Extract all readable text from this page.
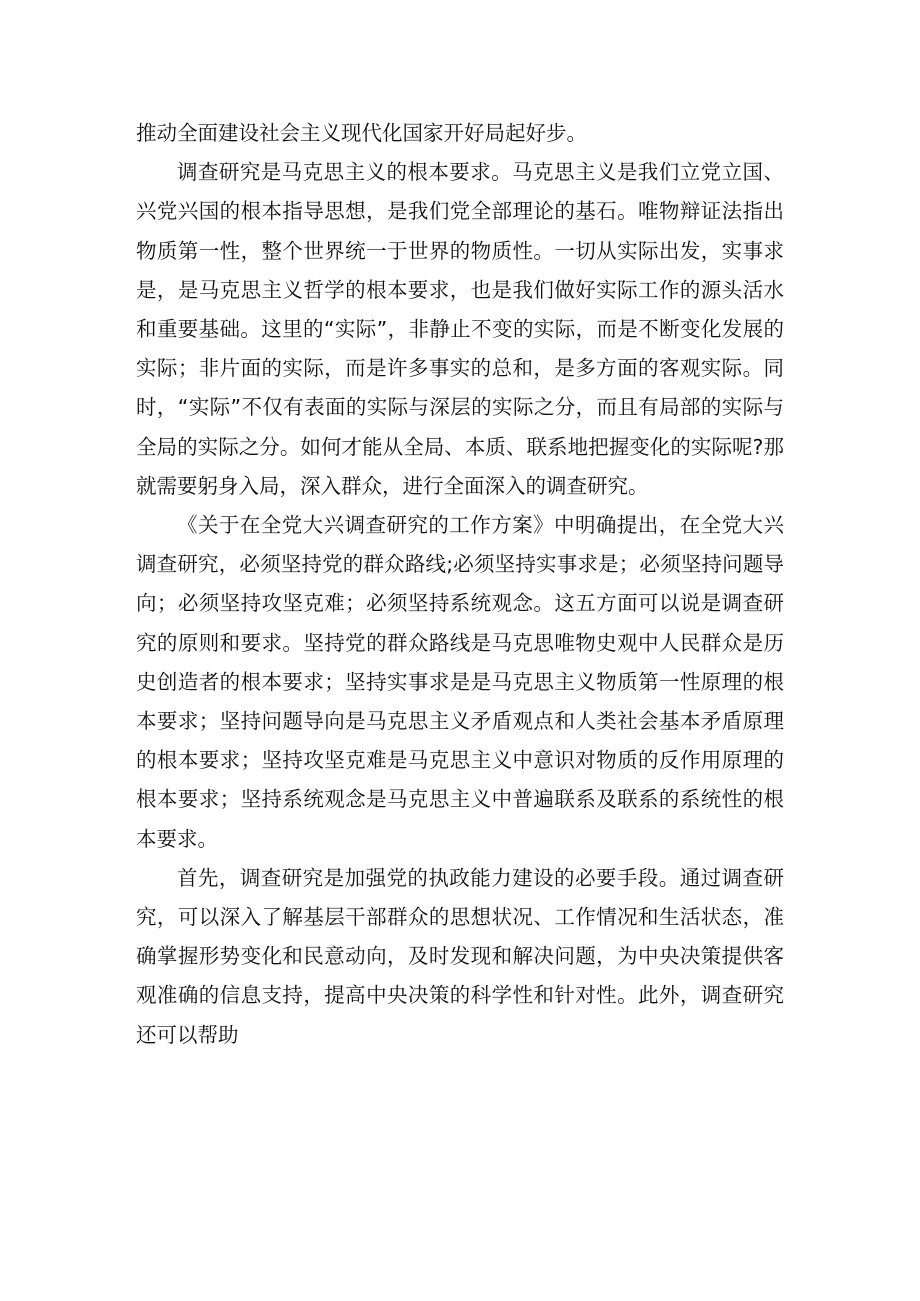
推动全面建设社会主义现代化国家开好局起好步。

调查研究是马克思主义的根本要求。马克思主义是我们立党立国、兴党兴国的根本指导思想，是我们党全部理论的基石。唯物辩证法指出物质第一性，整个世界统一于世界的物质性。一切从实际出发，实事求是，是马克思主义哲学的根本要求，也是我们做好实际工作的源头活水和重要基础。这里的“实际”，非静止不变的实际，而是不断变化发展的实际；非片面的实际，而是许多事实的总和，是多方面的客观实际。同时，“实际”不仅有表面的实际与深层的实际之分，而且有局部的实际与全局的实际之分。如何才能从全局、本质、联系地把握变化的实际呢?那就需要躬身入局，深入群众，进行全面深入的调查研究。

《关于在全党大兴调查研究的工作方案》中明确提出，在全党大兴调查研究，必须坚持党的群众路线;必须坚持实事求是；必须坚持问题导向；必须坚持攻坚克难；必须坚持系统观念。这五方面可以说是调查研究的原则和要求。坚持党的群众路线是马克思唯物史观中人民群众是历史创造者的根本要求；坚持实事求是是马克思主义物质第一性原理的根本要求；坚持问题导向是马克思主义矛盾观点和人类社会基本矛盾原理的根本要求；坚持攻坚克难是马克思主义中意识对物质的反作用原理的根本要求；坚持系统观念是马克思主义中普遍联系及联系的系统性的根本要求。

首先，调查研究是加强党的执政能力建设的必要手段。通过调查研究，可以深入了解基层干部群众的思想状况、工作情况和生活状态，准确掌握形势变化和民意动向，及时发现和解决问题，为中央决策提供客观准确的信息支持，提高中央决策的科学性和针对性。此外，调查研究还可以帮助
